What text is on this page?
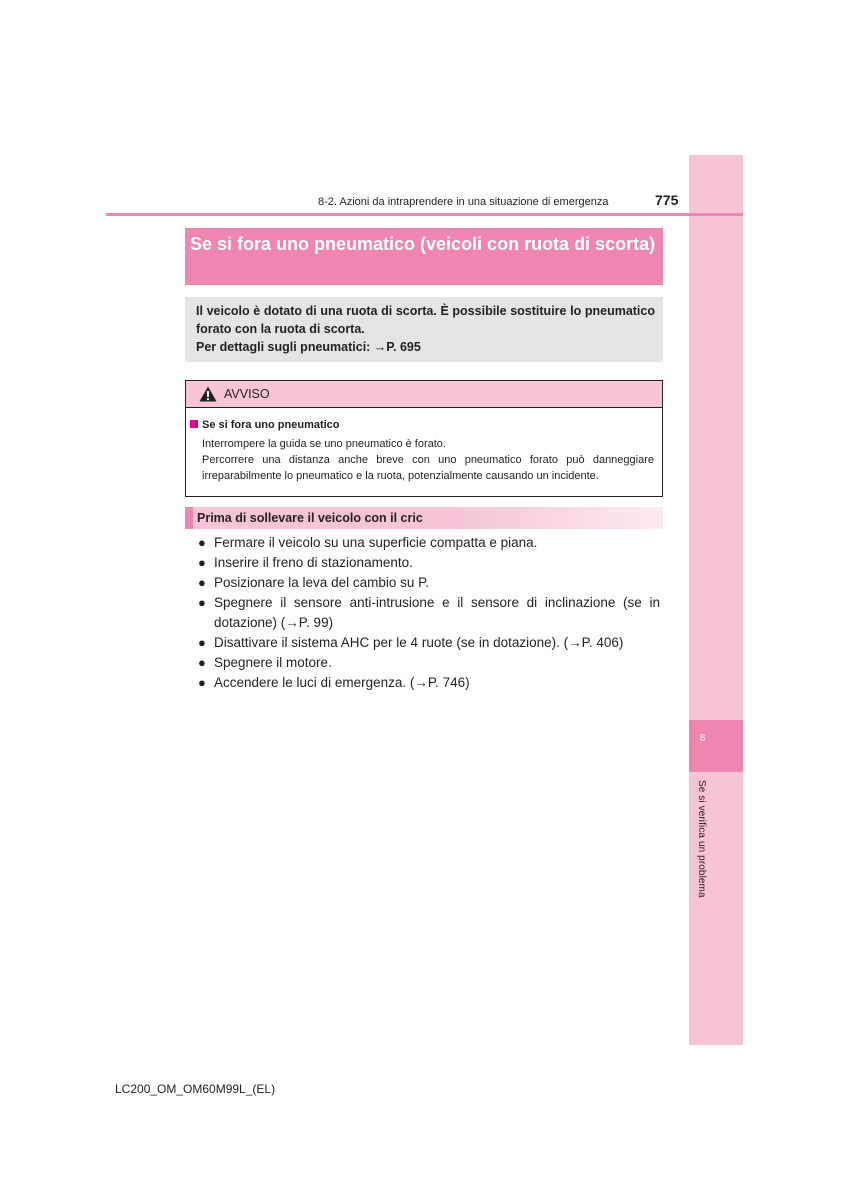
8
Se si verifica un problema
8-2. Azioni da intraprendere in una situazione di emergenza	775
Se si fora uno pneumatico (veicoli con ruota di scorta)

Il veicolo è dotato di una ruota di scorta. È possibile sostituire lo pneumatico forato con la ruota di scorta.

Per dettagli sugli pneumatici: →P. 695

AVVISO
Se si fora uno pneumatico

Interrompere la guida se uno pneumatico è forato.

Percorrere una distanza anche breve con uno pneumatico forato può danneggiare irreparabilmente lo pneumatico e la ruota, potenzialmente causando un incidente.

Prima di sollevare il veicolo con il cric
● Fermare il veicolo su una superficie compatta e piana.
● Inserire il freno di stazionamento.
● Posizionare la leva del cambio su P.
● Spegnere il sensore anti-intrusione e il sensore di inclinazione (se in dotazione) (→P. 99)
● Disattivare il sistema AHC per le 4 ruote (se in dotazione). (→P. 406)
● Spegnere il motore.
● Accendere le luci di emergenza. (→P. 746)
LC200_OM_OM60M99L_(EL)
